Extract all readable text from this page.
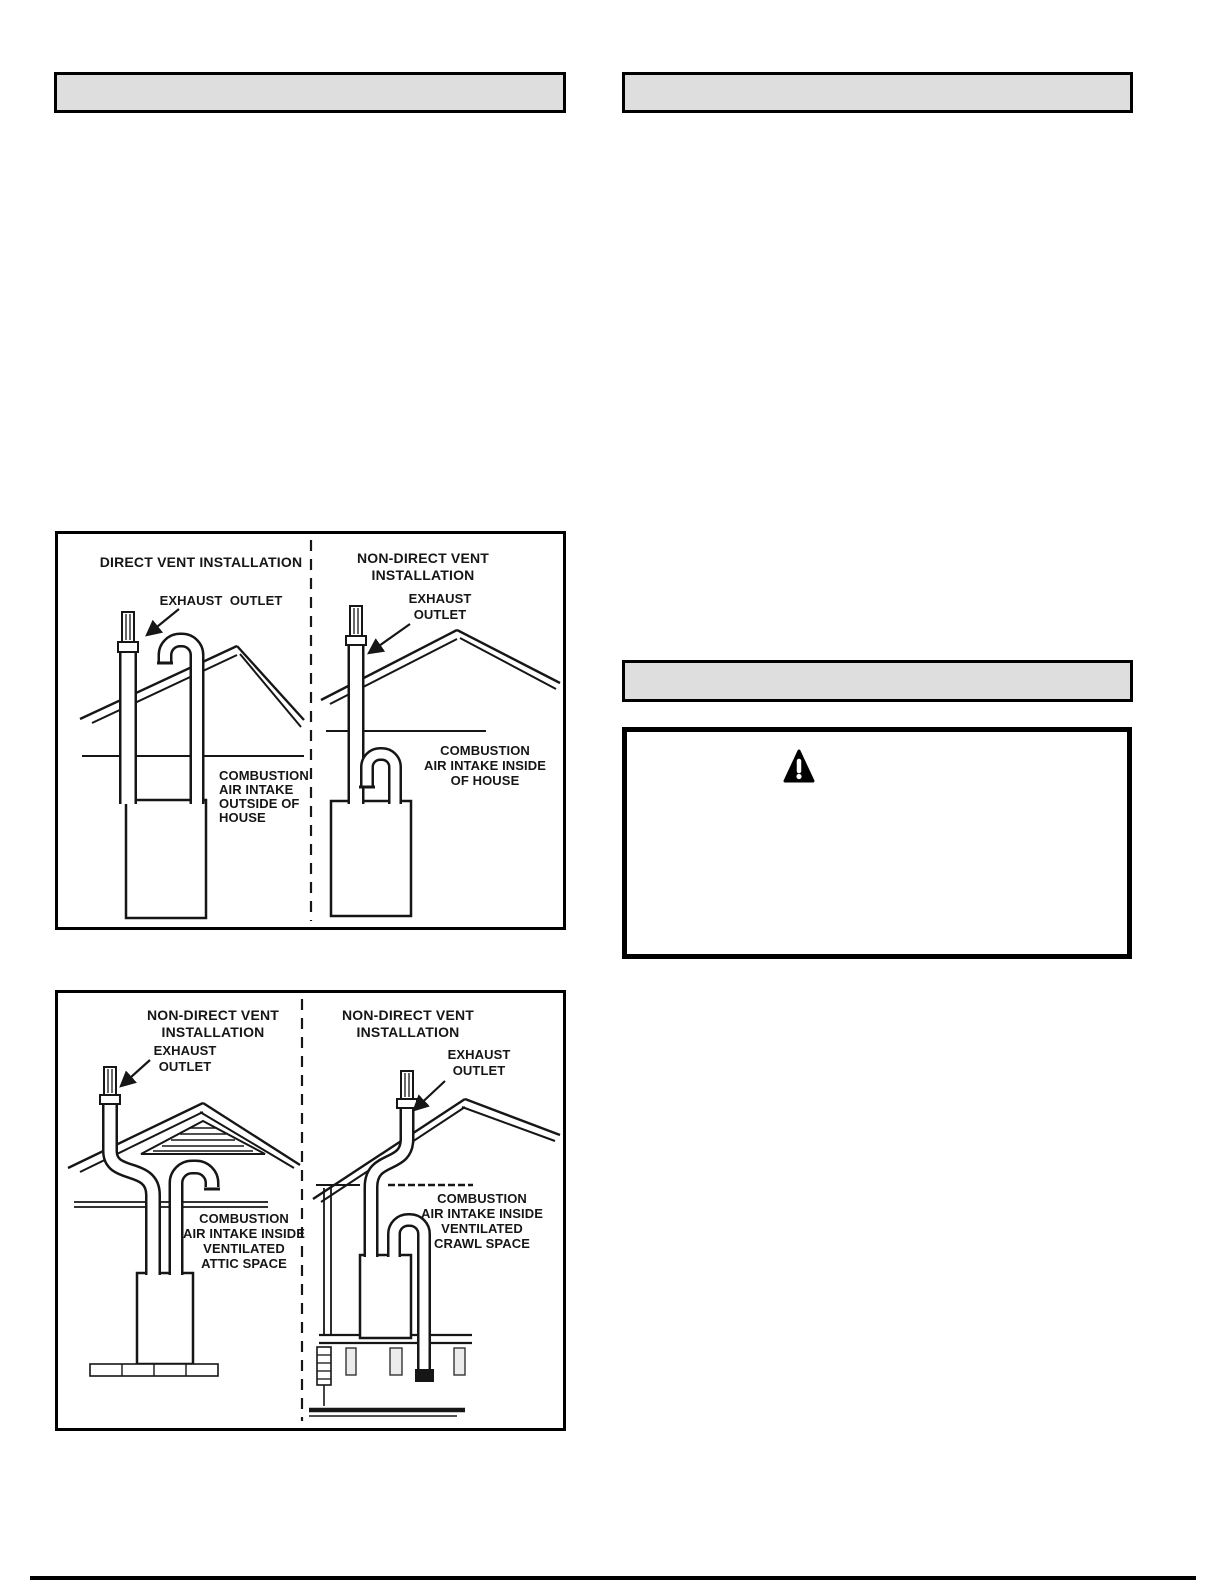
DIRECT VENT INSTALLATION
EXHAUST  OUTLET
COMBUSTION
AIR INTAKE
OUTSIDE OF
HOUSE
NON-DIRECT VENT
INSTALLATION
EXHAUST
OUTLET
COMBUSTION
AIR INTAKE INSIDE
OF HOUSE
NON-DIRECT VENT
INSTALLATION
EXHAUST
OUTLET
COMBUSTION
AIR INTAKE INSIDE
VENTILATED
ATTIC SPACE
NON-DIRECT VENT
INSTALLATION
EXHAUST
OUTLET
COMBUSTION
AIR INTAKE INSIDE
VENTILATED
CRAWL SPACE
